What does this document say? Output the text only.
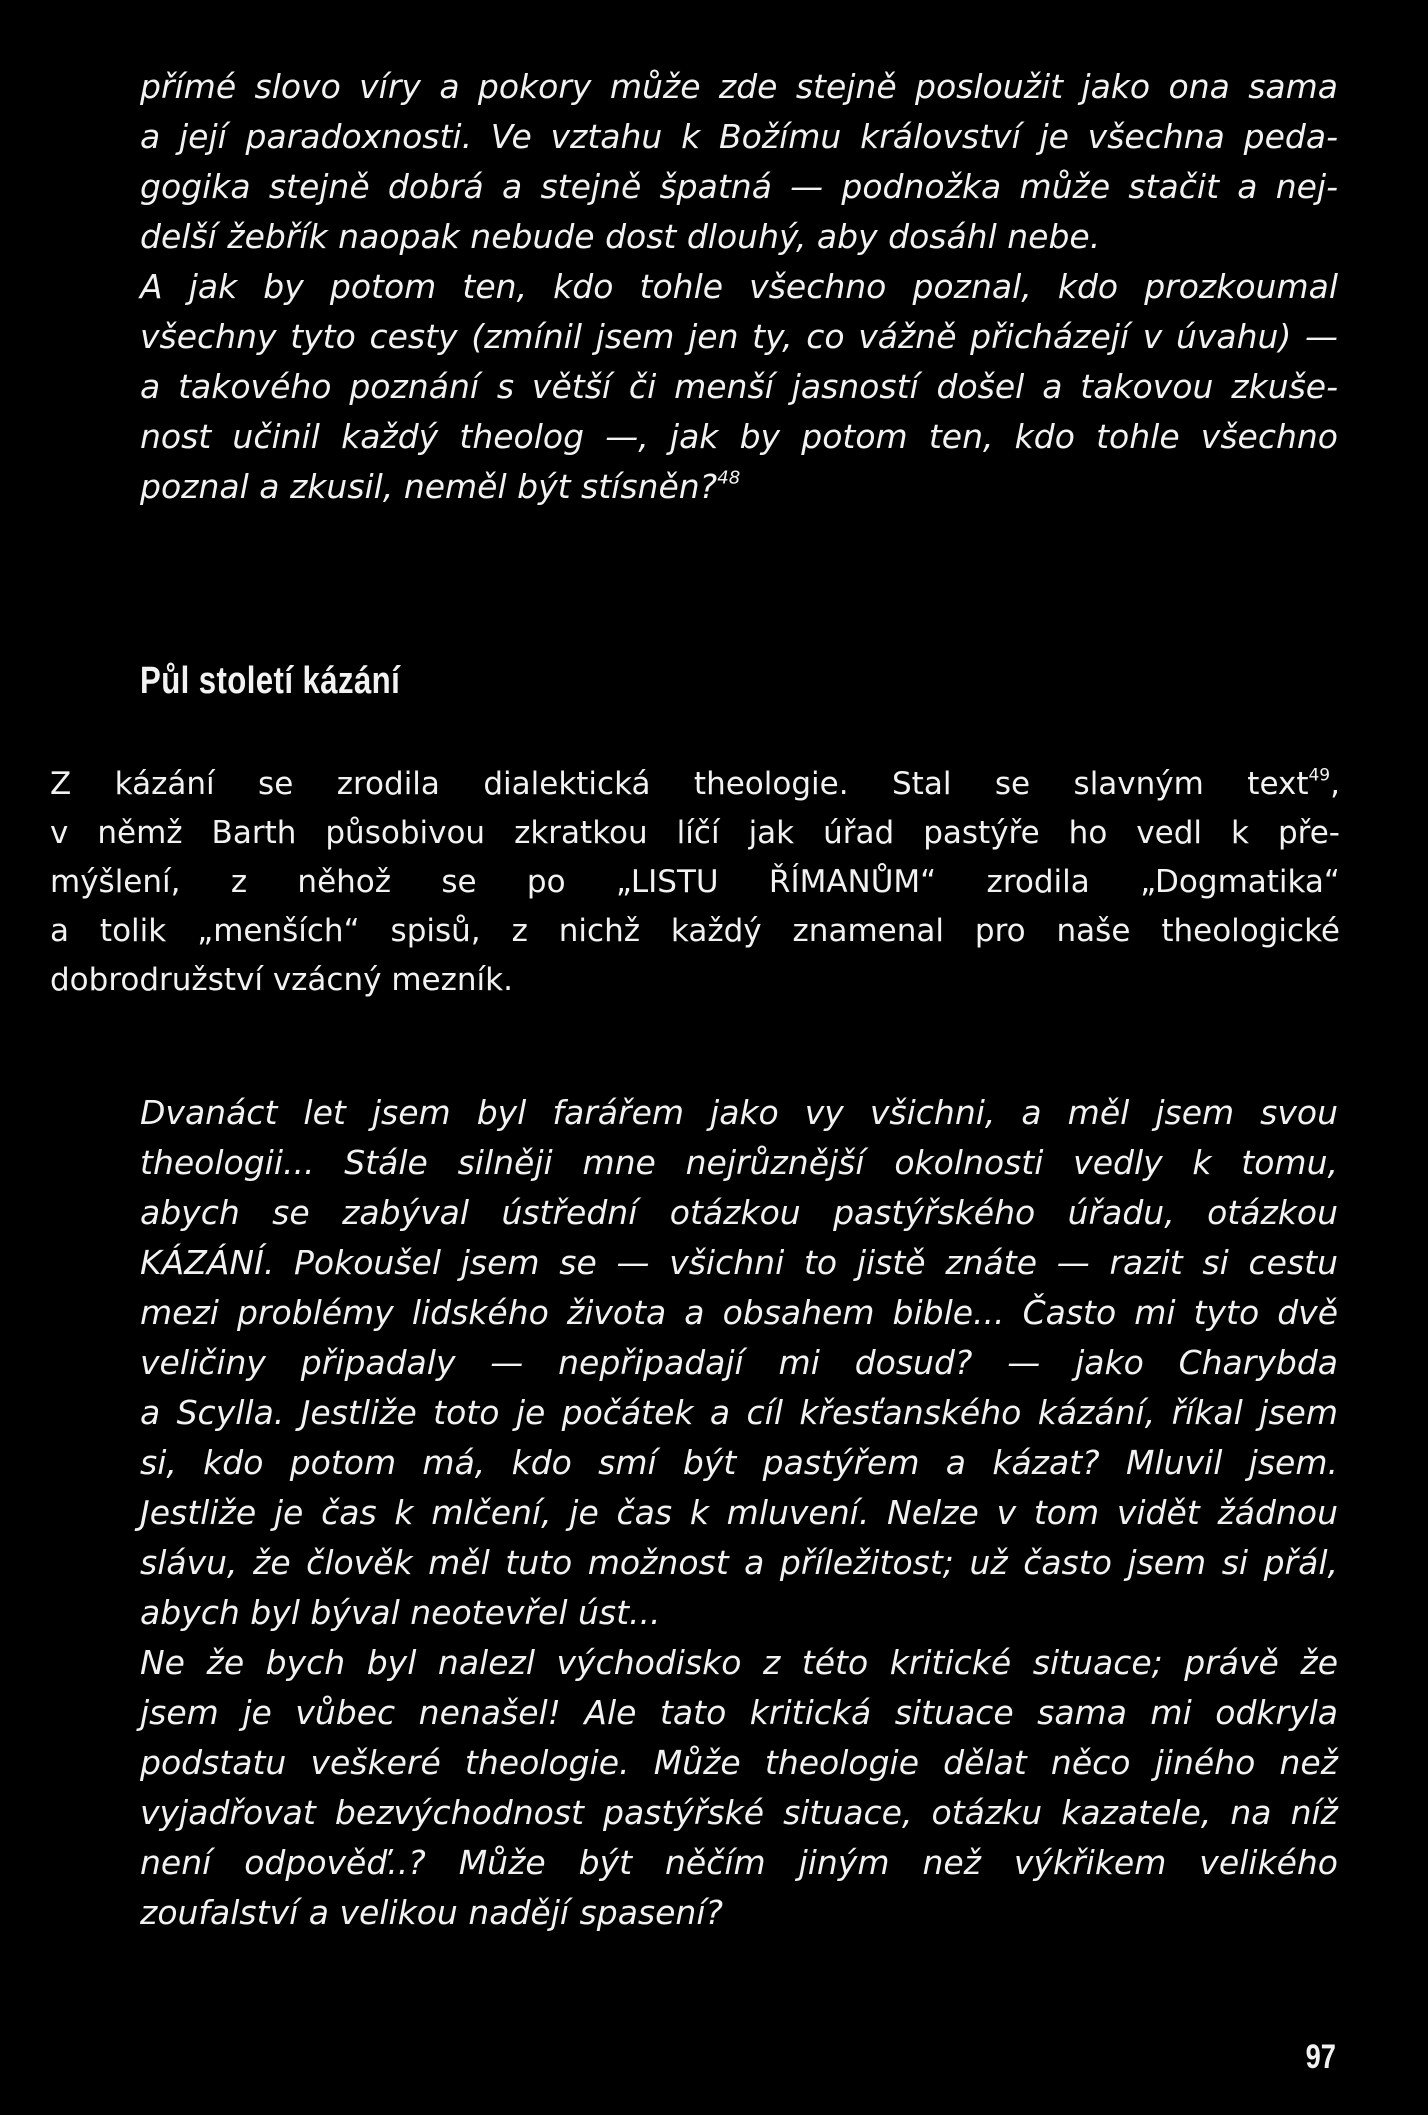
přímé slovo víry a pokory může zde stejně posloužit jako ona sama
a její paradoxnosti. Ve vztahu k Božímu království je všechna peda-
gogika stejně dobrá a stejně špatná — podnožka může stačit a nej-
delší žebřík naopak nebude dost dlouhý, aby dosáhl nebe.
A jak by potom ten, kdo tohle všechno poznal, kdo prozkoumal
všechny tyto cesty (zmínil jsem jen ty, co vážně přicházejí v úvahu) —
a takového poznání s větší či menší jasností došel a takovou zkuše-
nost učinil každý theolog —, jak by potom ten, kdo tohle všechno
poznal a zkusil, neměl být stísněn?$^{48}$
Půl století kázání
Z kázání se zrodila dialektická theologie. Stal se slavným text$^{49}$,
v němž Barth působivou zkratkou líčí jak úřad pastýře ho vedl k pře-
mýšlení, z něhož se po „LISTU ŘÍMANŮM“ zrodila „Dogmatika“
a tolik „menších“ spisů, z nichž každý znamenal pro naše theologické
dobrodružství vzácný mezník.
Dvanáct let jsem byl farářem jako vy všichni, a měl jsem svou
theologii... Stále silněji mne nejrůznější okolnosti vedly k tomu,
abych se zabýval ústřední otázkou pastýřského úřadu, otázkou
KÁZÁNÍ. Pokoušel jsem se — všichni to jistě znáte — razit si cestu
mezi problémy lidského života a obsahem bible... Často mi tyto dvě
veličiny připadaly — nepřipadají mi dosud? — jako Charybda
a Scylla. Jestliže toto je počátek a cíl křesťanského kázání, říkal jsem
si, kdo potom má, kdo smí být pastýřem a kázat? Mluvil jsem.
Jestliže je čas k mlčení, je čas k mluvení. Nelze v tom vidět žádnou
slávu, že člověk měl tuto možnost a příležitost; už často jsem si přál,
abych byl býval neotevřel úst...
Ne že bych byl nalezl východisko z této kritické situace; právě že
jsem je vůbec nenašel! Ale tato kritická situace sama mi odkryla
podstatu veškeré theologie. Může theologie dělat něco jiného než
vyjadřovat bezvýchodnost pastýřské situace, otázku kazatele, na níž
není odpověď..? Může být něčím jiným než výkřikem velikého
zoufalství a velikou nadějí spasení?
97
